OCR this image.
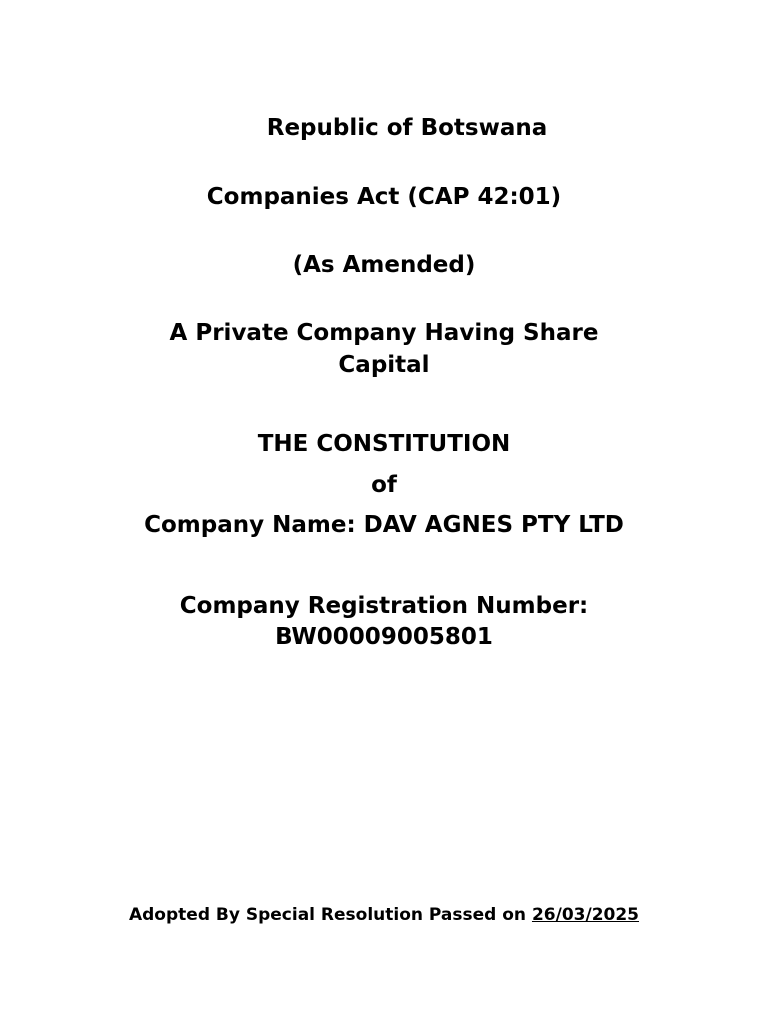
Republic of Botswana
Companies Act (CAP 42:01)
(As Amended)
A Private Company Having Share
Capital
THE CONSTITUTION
of
Company Name: DAV AGNES PTY LTD
Company Registration Number:
BW00009005801
Adopted By Special Resolution Passed on 26/03/2025
